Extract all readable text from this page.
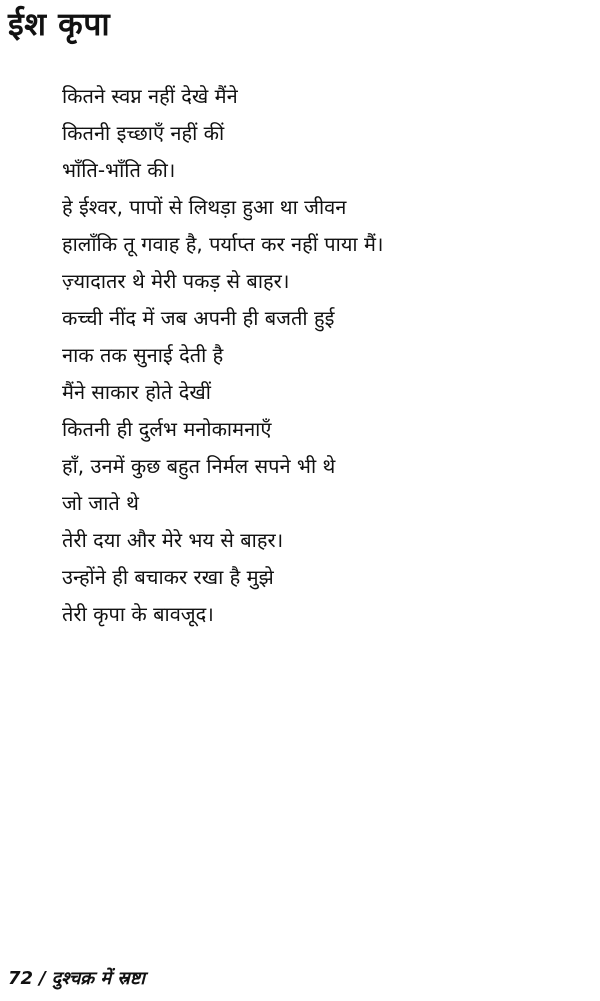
ईश कृपा
कितने स्वप्न नहीं देखे मैंने
कितनी इच्छाएँ नहीं कीं
भाँति-भाँति की।
हे ईश्वर, पापों से लिथड़ा हुआ था जीवन
हालाँकि तू गवाह है, पर्याप्त कर नहीं पाया मैं।
ज़्यादातर थे मेरी पकड़ से बाहर।
कच्ची नींद में जब अपनी ही बजती हुई
नाक तक सुनाई देती है
मैंने साकार होते देखीं
कितनी ही दुर्लभ मनोकामनाएँ
हाँ, उनमें कुछ बहुत निर्मल सपने भी थे
जो जाते थे
तेरी दया और मेरे भय से बाहर।
उन्होंने ही बचाकर रखा है मुझे
तेरी कृपा के बावजूद।
72 / दुश्चक्र में स्रष्टा
